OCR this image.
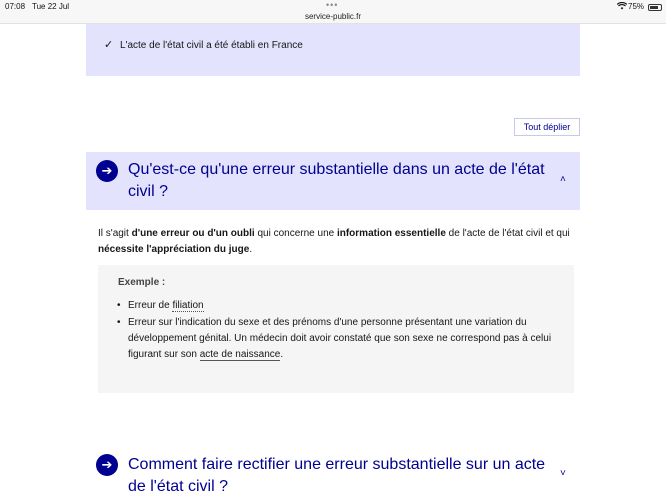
07:08 Tue 22 Jul	•••
service-public.fr
75%
✓ L'acte de l'état civil a été établi en France
Tout déplier
➔ Qu'est-ce qu'une erreur substantielle dans un acte de l'état civil ?
˄

Il s'agit d'une erreur ou d'un oubli qui concerne une information essentielle de l'acte de l'état civil et qui nécessite l'appréciation du juge.

Exemple :
• Erreur de filiation
• Erreur sur l'indication du sexe et des prénoms d'une personne présentant une variation du développement génital. Un médecin doit avoir constaté que son sexe ne correspond pas à celui figurant sur son acte de naissance.
➔ Comment faire rectifier une erreur substantielle sur un acte de l'état civil ?
˅
